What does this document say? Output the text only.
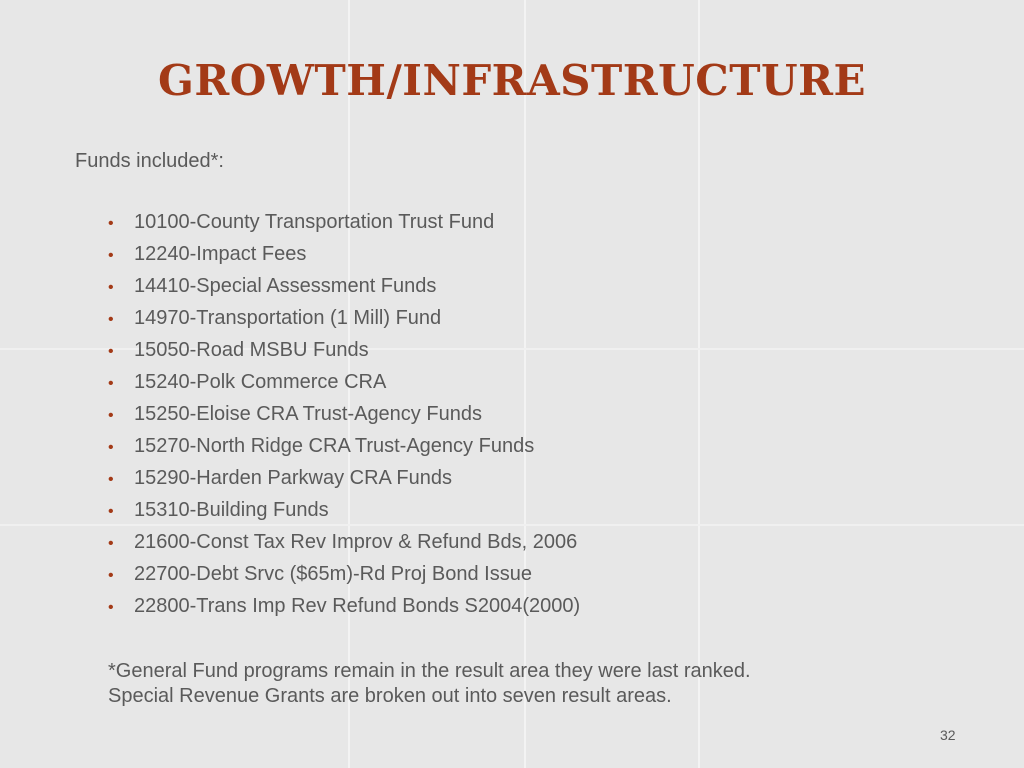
GROWTH/INFRASTRUCTURE

Funds included*:

• 10100-County Transportation Trust Fund
• 12240-Impact Fees
• 14410-Special Assessment Funds
• 14970-Transportation (1 Mill) Fund
• 15050-Road MSBU Funds
• 15240-Polk Commerce CRA
• 15250-Eloise CRA Trust-Agency Funds
• 15270-North Ridge CRA Trust-Agency Funds
• 15290-Harden Parkway CRA Funds
• 15310-Building Funds
• 21600-Const Tax Rev Improv & Refund Bds, 2006
• 22700-Debt Srvc ($65m)-Rd Proj Bond Issue
• 22800-Trans Imp Rev Refund Bonds S2004(2000)

*General Fund programs remain in the result area they were last ranked.
Special Revenue Grants are broken out into seven result areas.

32
